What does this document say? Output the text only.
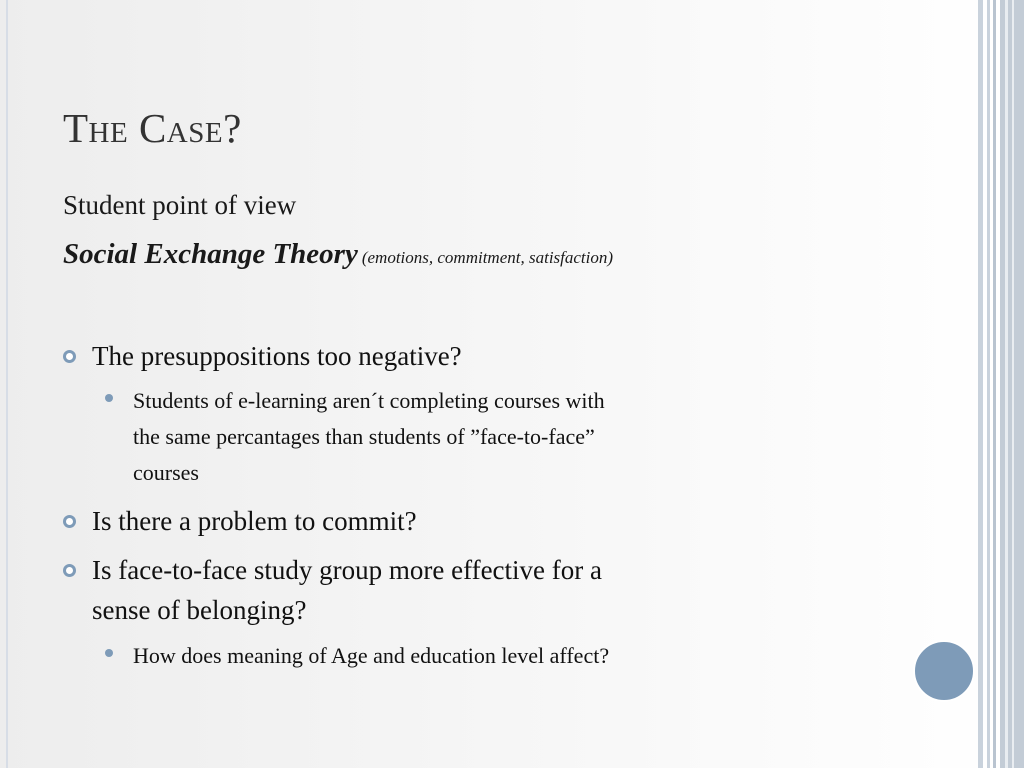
The Case?
Student point of view
Social Exchange Theory (emotions, commitment, satisfaction)
The presuppositions too negative?
Students of e-learning aren´t completing courses with
the same percantages than students of ”face-to-face”
courses
Is there a problem to commit?
Is face-to-face study group more effective for a
sense of belonging?
How does meaning of Age and education level affect?
